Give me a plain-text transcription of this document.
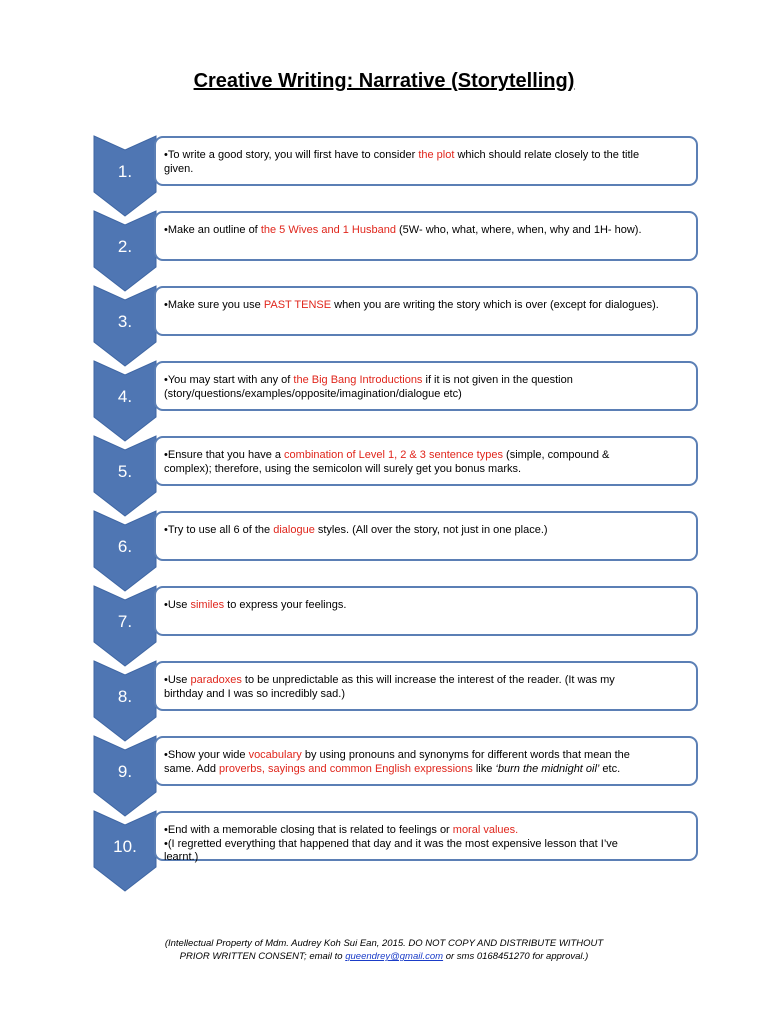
Creative Writing: Narrative (Storytelling)
1.
•To write a good story, you will first have to consider the plot which should relate closely to the title
given.
2.
•Make an outline of the 5 Wives and 1 Husband (5W- who, what, where, when, why and 1H- how).
3.
•Make sure you use PAST TENSE when you are writing the story which is over (except for dialogues).
4.
•You may start with any of the Big Bang Introductions if it is not given in the question
(story/questions/examples/opposite/imagination/dialogue etc)
5.
•Ensure that you have a combination of Level 1, 2 & 3 sentence types (simple, compound &
complex); therefore, using the semicolon will surely get you bonus marks.
6.
•Try to use all 6 of the dialogue styles. (All over the story, not just in one place.)
7.
•Use similes to express your feelings.
8.
•Use paradoxes to be unpredictable as this will increase the interest of the reader. (It was my
birthday and I was so incredibly sad.)
9.
•Show your wide vocabulary by using pronouns and synonyms for different words that mean the
same. Add proverbs, sayings and common English expressions like ‘burn the midnight oil’ etc.
10.
•End with a memorable closing that is related to feelings or moral values.
•(I regretted everything that happened that day and it was the most expensive lesson that I’ve
learnt.)
(Intellectual Property of Mdm. Audrey Koh Sui Ean, 2015. DO NOT COPY AND DISTRIBUTE WITHOUT
PRIOR WRITTEN CONSENT; email to queendrey@gmail.com or sms 0168451270 for approval.)
